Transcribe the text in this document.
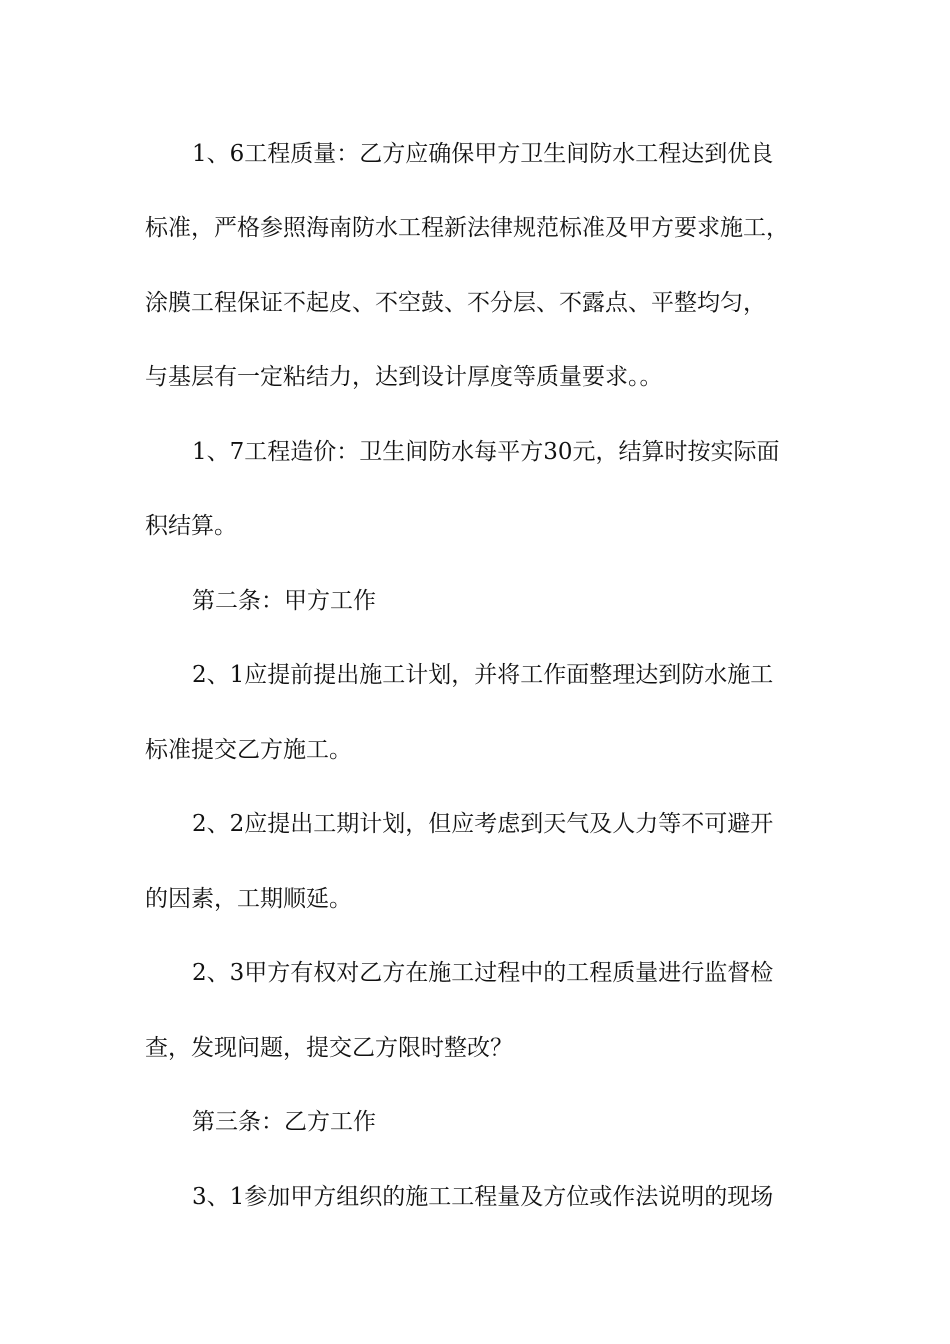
1、6工程质量：乙方应确保甲方卫生间防水工程达到优良
标准，严格参照海南防水工程新法律规范标准及甲方要求施工，
涂膜工程保证不起皮、不空鼓、不分层、不露点、平整均匀，
与基层有一定粘结力，达到设计厚度等质量要求。。
1、7工程造价：卫生间防水每平方30元，结算时按实际面
积结算。
第二条：甲方工作
2、1应提前提出施工计划，并将工作面整理达到防水施工
标准提交乙方施工。
2、2应提出工期计划，但应考虑到天气及人力等不可避开
的因素，工期顺延。
2、3甲方有权对乙方在施工过程中的工程质量进行监督检
查，发现问题，提交乙方限时整改？
第三条：乙方工作
3、1参加甲方组织的施工工程量及方位或作法说明的现场
